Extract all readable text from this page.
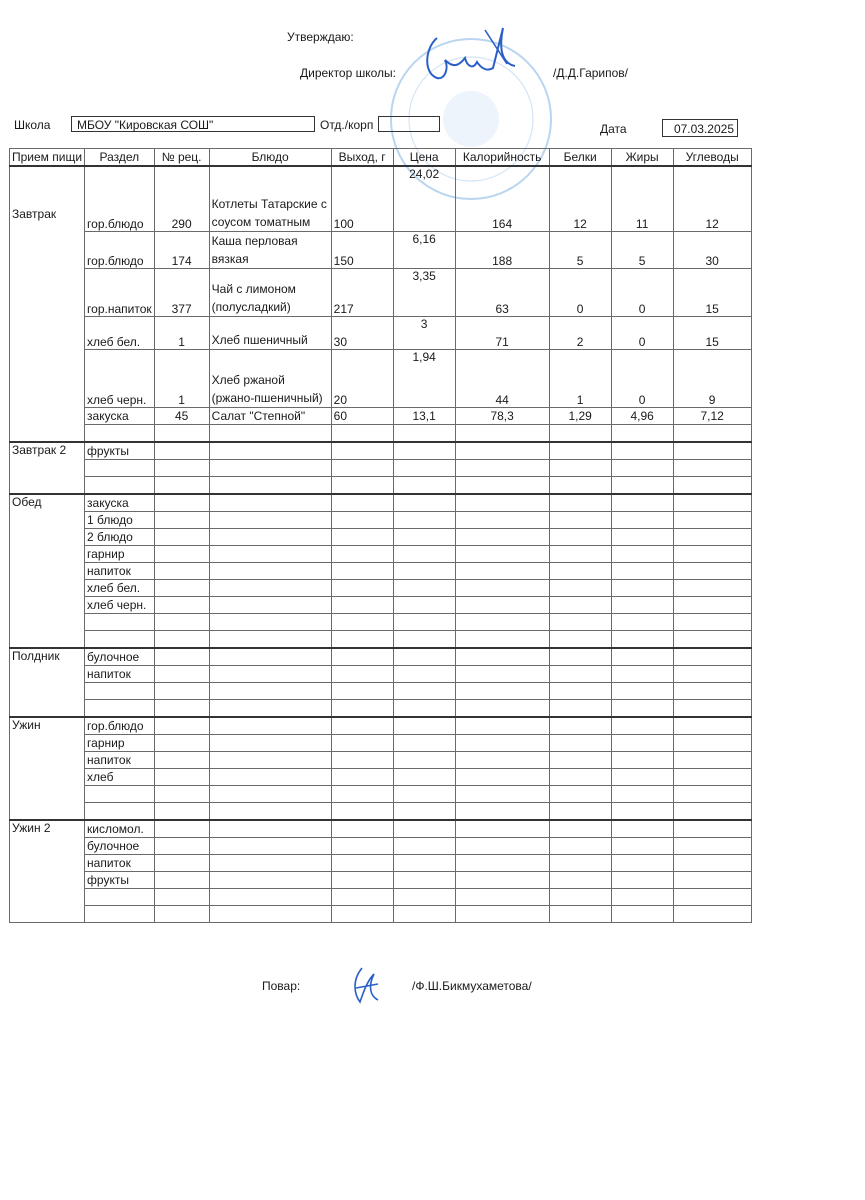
Утверждаю:
Директор школы:	/Д.Д.Гарипов/
Школа	МБОУ "Кировская СОШ"	Отд./корп	Дата	07.03.2025
Прием пищи	Раздел	№ рец.	Блюдо	Выход, г	Цена	Калорийность	Белки	Жиры	Углеводы

Завтрак	гор.блюдо	290	Котлеты Татарские с соусом томатным	100	24,02	164	12	11	12
	гор.блюдо	174	Каша перловая вязкая	150	6,16	188	5	5	30
	гор.напиток	377	Чай с лимоном (полусладкий)	217	3,35	63	0	0	15
	хлеб бел.	1	Хлеб пшеничный	30	3	71	2	0	15
	хлеб черн.	1	Хлеб ржаной (ржано-пшеничный)	20	1,94	44	1	0	9
	закуска	45	Салат "Степной"	60	13,1	78,3	1,29	4,96	7,12

Завтрак 2	фрукты								

Обед	закуска								
	1 блюдо								
	2 блюдо								
	гарнир								
	напиток								
	хлеб бел.								
	хлеб черн.								

Полдник	булочное								
	напиток								

Ужин	гор.блюдо								
	гарнир								
	напиток								
	хлеб								

Ужин 2	кисломол.								
	булочное								
	напиток								
	фрукты								

Повар:	/Ф.Ш.Бикмухаметова/
